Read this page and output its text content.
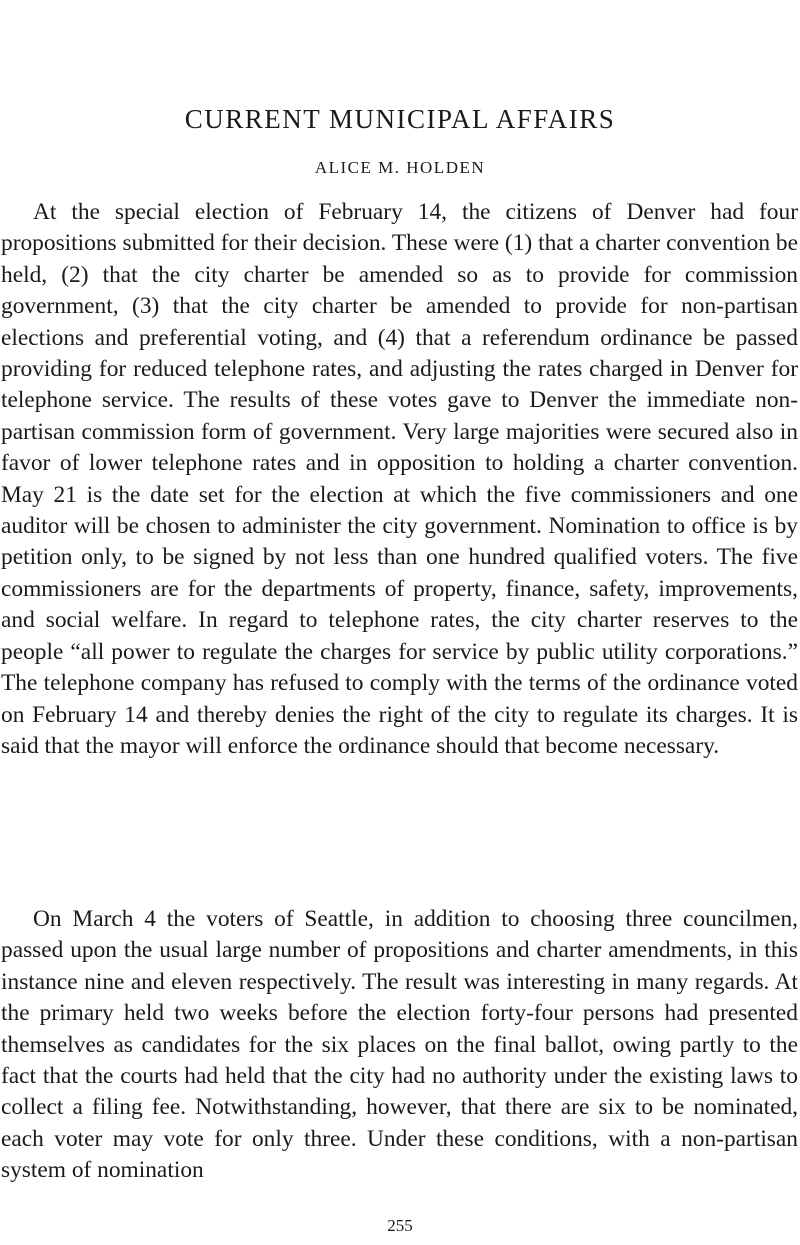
CURRENT MUNICIPAL AFFAIRS
ALICE M. HOLDEN

At the special election of February 14, the citizens of Denver had four propositions submitted for their decision. These were (1) that a charter convention be held, (2) that the city charter be amended so as to provide for commission government, (3) that the city charter be amended to provide for non-partisan elections and preferential voting, and (4) that a referendum ordinance be passed providing for reduced telephone rates, and adjusting the rates charged in Denver for telephone service. The results of these votes gave to Denver the immediate non-partisan commission form of government. Very large majorities were secured also in favor of lower telephone rates and in opposition to holding a charter convention. May 21 is the date set for the election at which the five commissioners and one auditor will be chosen to administer the city government. Nomination to office is by petition only, to be signed by not less than one hundred qualified voters. The five commissioners are for the departments of property, finance, safety, improvements, and social welfare. In regard to telephone rates, the city charter reserves to the people “all power to regulate the charges for service by public utility corporations.” The telephone company has refused to comply with the terms of the ordinance voted on February 14 and thereby denies the right of the city to regulate its charges. It is said that the mayor will enforce the ordinance should that become necessary.

On March 4 the voters of Seattle, in addition to choosing three councilmen, passed upon the usual large number of propositions and charter amendments, in this instance nine and eleven respectively. The result was interesting in many regards. At the primary held two weeks before the election forty-four persons had presented themselves as candidates for the six places on the final ballot, owing partly to the fact that the courts had held that the city had no authority under the existing laws to collect a filing fee. Notwithstanding, however, that there are six to be nominated, each voter may vote for only three. Under these conditions, with a non-partisan system of nomination

255
